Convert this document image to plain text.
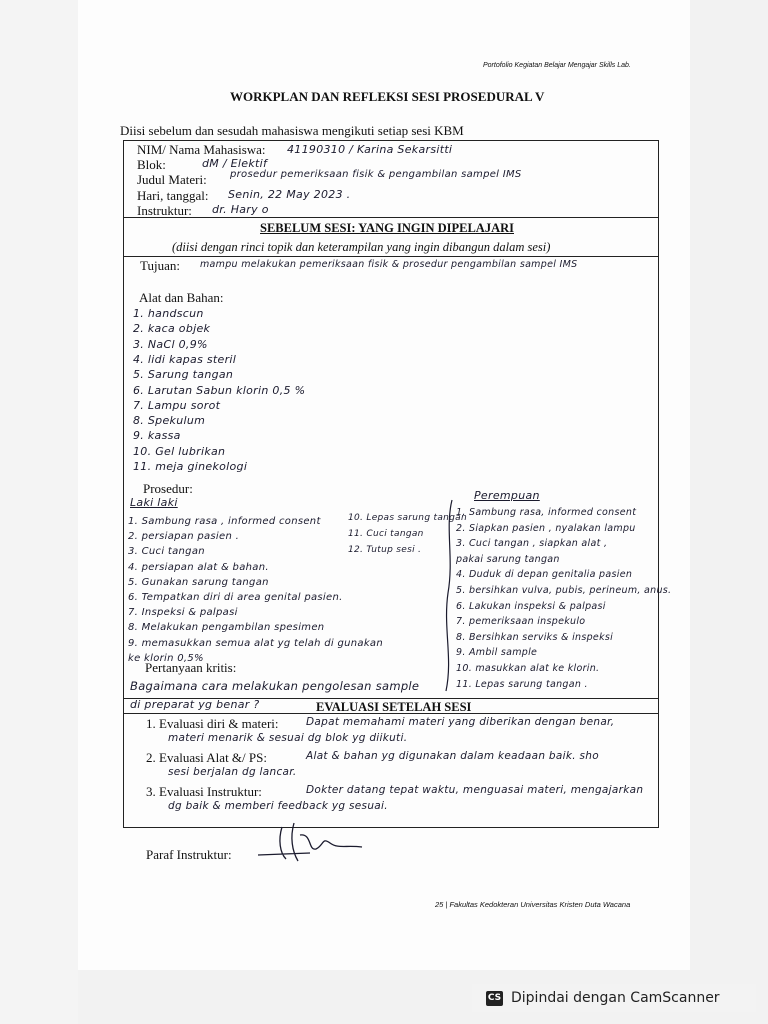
Portofolio Kegiatan Belajar Mengajar Skills Lab.
WORKPLAN DAN REFLEKSI SESI PROSEDURAL V
Diisi sebelum dan sesudah mahasiswa mengikuti setiap sesi KBM
NIM/ Nama Mahasiswa: 41190310 / Karina Sekarsitti
Blok:	dM / Elektif
Judul Materi: prosedur pemeriksaan fisik & pengambilan sampel IMS
Hari, tanggal: Senin, 22 May 2023 .
Instruktur: dr. Hary o
SEBELUM SESI: YANG INGIN DIPELAJARI
(diisi dengan rinci topik dan keterampilan yang ingin dibangun dalam sesi)
Tujuan: mampu melakukan pemeriksaan fisik & prosedur pengambilan sampel IMS
Alat dan Bahan:
1. handscun
2. kaca objek
3. NaCl 0,9%
4. lidi kapas steril
5. Sarung tangan
6. Larutan Sabun klorin 0,5 %
7. Lampu sorot
8. Spekulum
9. kassa
10. Gel lubrikan
11. meja ginekologi
Prosedur:
Laki laki
1. Sambung rasa , informed consent
2. persiapan pasien .
3. Cuci tangan
4. persiapan alat & bahan.
5. Gunakan sarung tangan
6. Tempatkan diri di area genital pasien.
7. Inspeksi & palpasi
8. Melakukan pengambilan spesimen
9. memasukkan semua alat yg telah di gunakan
ke klorin 0,5%
10. Lepas sarung tangan
11. Cuci tangan
12. Tutup sesi .
Perempuan
1. Sambung rasa, informed consent
2. Siapkan pasien , nyalakan lampu
3. Cuci tangan , siapkan alat ,
pakai sarung tangan
4. Duduk di depan genitalia pasien
5. bersihkan vulva, pubis, perineum, anus.
6. Lakukan inspeksi & palpasi
7. pemeriksaan inspekulo
8. Bersihkan serviks & inspeksi
9. Ambil sample
10. masukkan alat ke klorin.
11. Lepas sarung tangan .
Pertanyaan kritis:
Bagaimana cara melakukan pengolesan sample
di preparat yg benar ?	EVALUASI SETELAH SESI
1. Evaluasi diri & materi:	Dapat memahami materi yang diberikan dengan benar,
materi menarik & sesuai dg blok yg diikuti.
2. Evaluasi Alat &/ PS:	Alat & bahan yg digunakan dalam keadaan baik. sho
sesi berjalan dg lancar.
3. Evaluasi Instruktur:	Dokter datang tepat waktu, menguasai materi, mengajarkan
dg baik & memberi feedback yg sesuai.
Paraf Instruktur:
25 | Fakultas Kedokteran Universitas Kristen Duta Wacana
CS Dipindai dengan CamScanner
